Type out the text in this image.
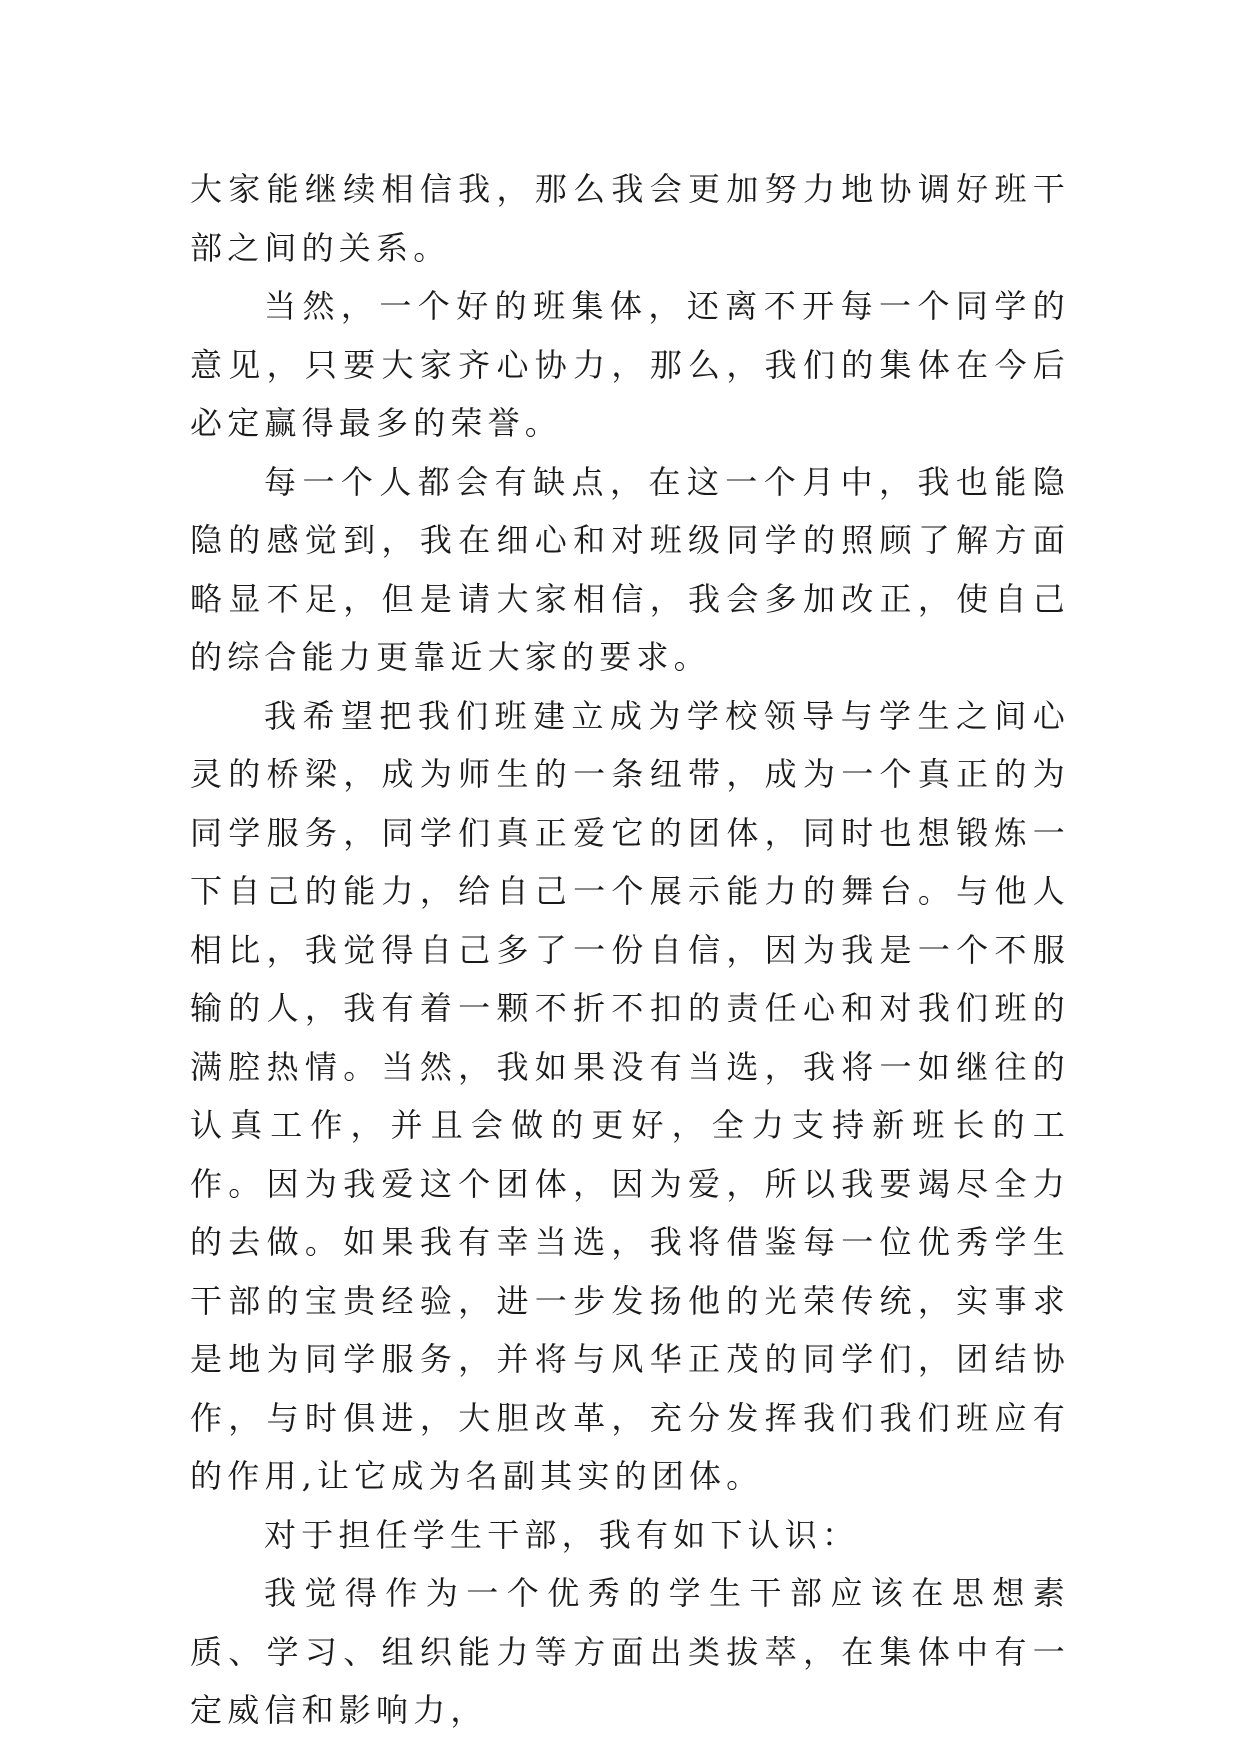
大家能继续相信我，那么我会更加努力地协调好班干部之间的关系。

当然，一个好的班集体，还离不开每一个同学的意见，只要大家齐心协力，那么，我们的集体在今后必定赢得最多的荣誉。

每一个人都会有缺点，在这一个月中，我也能隐隐的感觉到，我在细心和对班级同学的照顾了解方面略显不足，但是请大家相信，我会多加改正，使自己的综合能力更靠近大家的要求。

我希望把我们班建立成为学校领导与学生之间心灵的桥梁，成为师生的一条纽带，成为一个真正的为同学服务，同学们真正爱它的团体，同时也想锻炼一下自己的能力，给自己一个展示能力的舞台。与他人相比，我觉得自己多了一份自信，因为我是一个不服输的人，我有着一颗不折不扣的责任心和对我们班的满腔热情。当然，我如果没有当选，我将一如继往的认真工作，并且会做的更好，全力支持新班长的工作。因为我爱这个团体，因为爱，所以我要竭尽全力的去做。如果我有幸当选，我将借鉴每一位优秀学生干部的宝贵经验，进一步发扬他的光荣传统，实事求是地为同学服务，并将与风华正茂的同学们，团结协作，与时俱进，大胆改革，充分发挥我们我们班应有的作用,让它成为名副其实的团体。

对于担任学生干部，我有如下认识：

我觉得作为一个优秀的学生干部应该在思想素质、学习、组织能力等方面出类拔萃，在集体中有一定威信和影响力，
